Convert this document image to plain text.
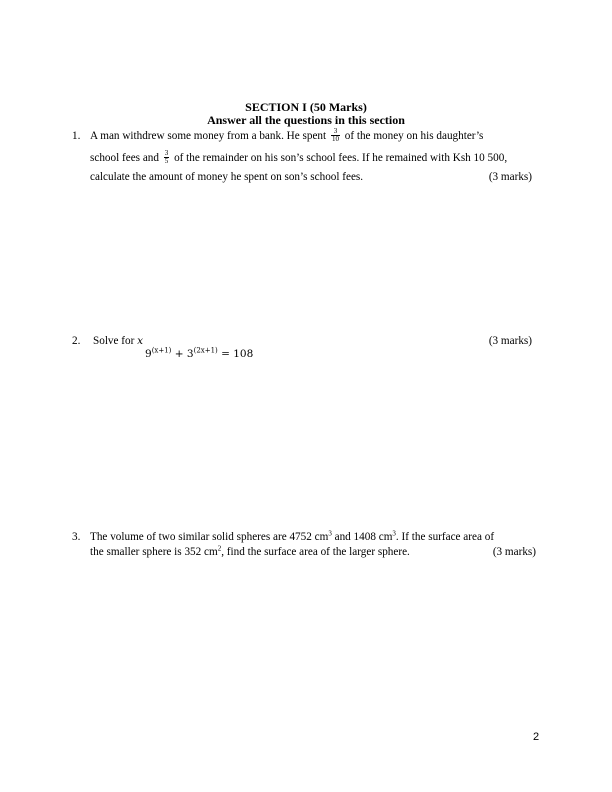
SECTION I (50 Marks)
Answer all the questions in this section
1. A man withdrew some money from a bank. He spent $\frac{3}{10}$ of the money on his daughter’s
school fees and $\frac{3}{5}$ of the remainder on his son’s school fees. If he remained with Ksh 10 500,
calculate the amount of money he spent on son’s school fees.	(3 marks)
2. Solve for x	(3 marks)
$9^{(x+1)} + 3^{(2x+1)} = 108$
3. The volume of two similar solid spheres are 4752 $cm^3$ and 1408 $cm^3$. If the surface area of
the smaller sphere is 352 $cm^2$, find the surface area of the larger sphere.	(3 marks)
2
